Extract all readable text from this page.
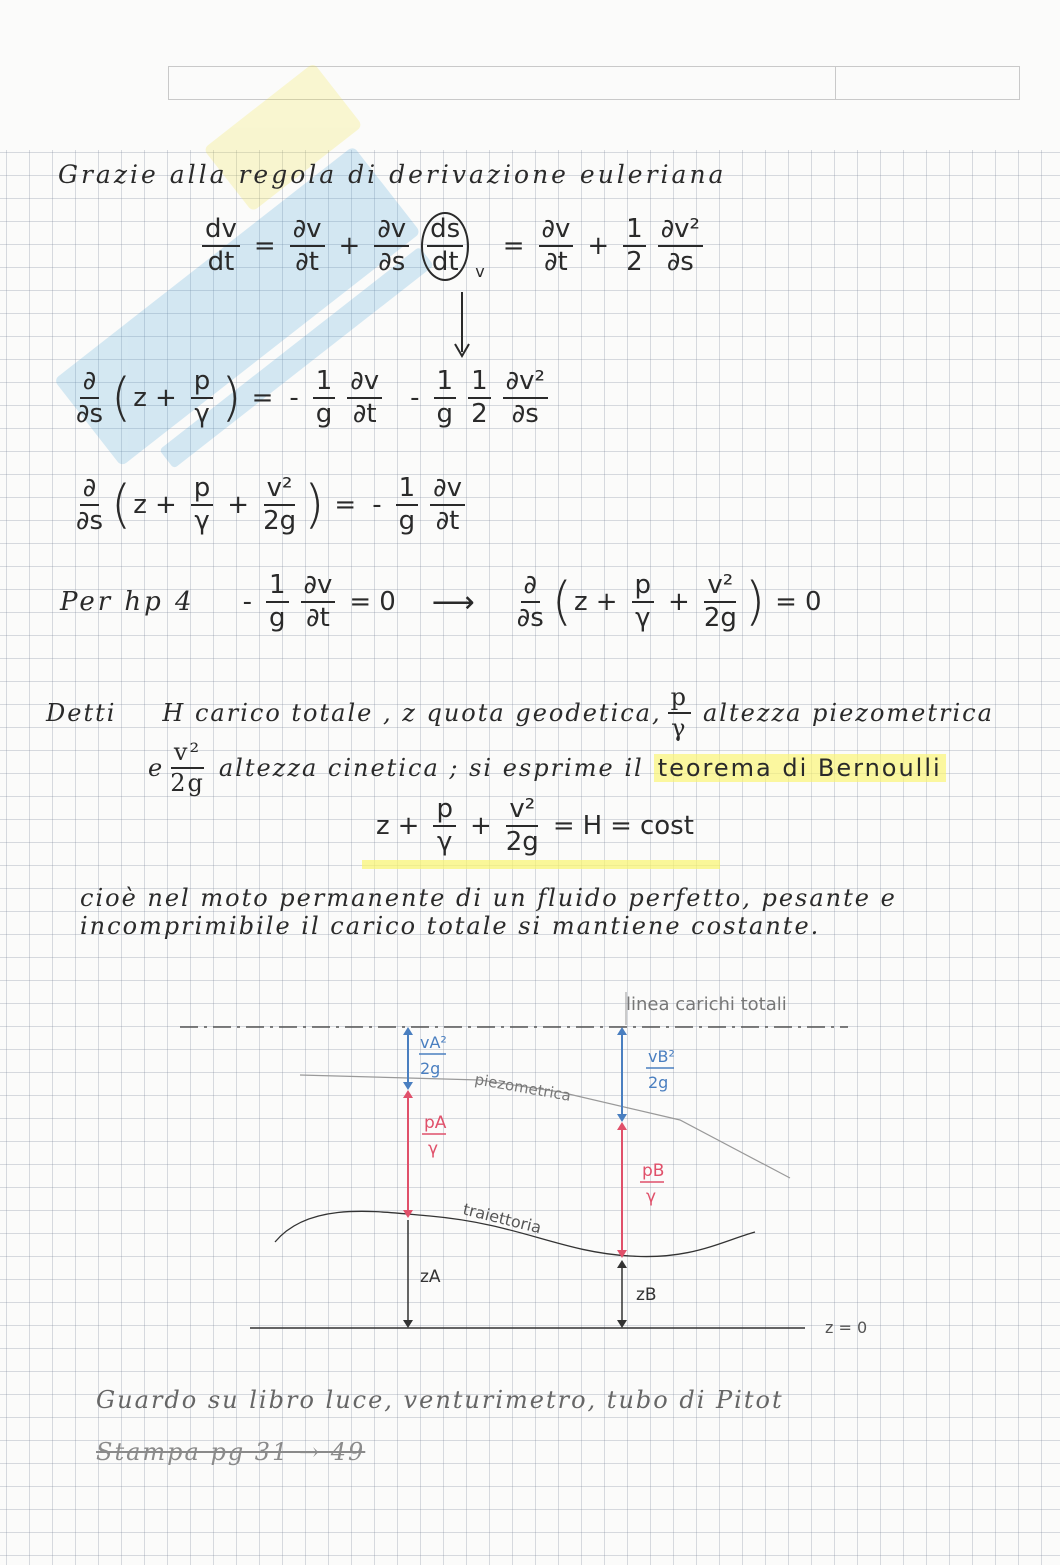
Grazie alla regola di derivazione euleriana
$\frac{dv}{dt} = \frac{\partial v}{\partial t} + \frac{\partial v}{\partial s} \frac{ds}{dt}$ v
= $\frac{\partial v}{\partial t} + \frac{1}{2} \frac{\text{∂v²}}{\partial s}$
$\frac{\partial}{\partial s}$ ( $z + \frac{p}{\gamma}$ ) = - $\frac{1}{g} \frac{\partial v}{\partial t} - \frac{1}{g} \frac{1}{2} \frac{\text{∂v²}}{\partial s}$
$\frac{\partial}{\partial s}$ ( $z + \frac{p}{\gamma} + \frac{\text{v²}}{2g}$ ) = - $\frac{1}{g} \frac{\partial v}{\partial t}$
Per hp $4 - \frac{1}{g} \frac{\partial v}{\partial t} = 0$ ⟶ $\frac{\partial}{\partial s}$ ( $z + \frac{p}{\gamma} + \frac{\text{v²}}{2g}$ ) = 0
Detti H carico totale , z quota geodetica, $\frac{p}{\gamma}$ altezza piezometrica
e $\frac{\text{v²}}{2g}$ altezza cinetica ; si esprime il teorema di Bernoulli
$z + \frac{p}{\gamma} + \frac{\text{v²}}{2g} = H = \cos t$
cioè nel moto permanente di un fluido perfetto, pesante e
incomprimibile il carico totale si mantiene costante.
linea carichi totali
piezometrica
traiettoria
z = 0
vA²
2g
pA
γ
zA
vB²
2g
pB
γ
zB
Guardo su libro luce, venturimetro, tubo di Pitot
Stampa pg 31 → 49
